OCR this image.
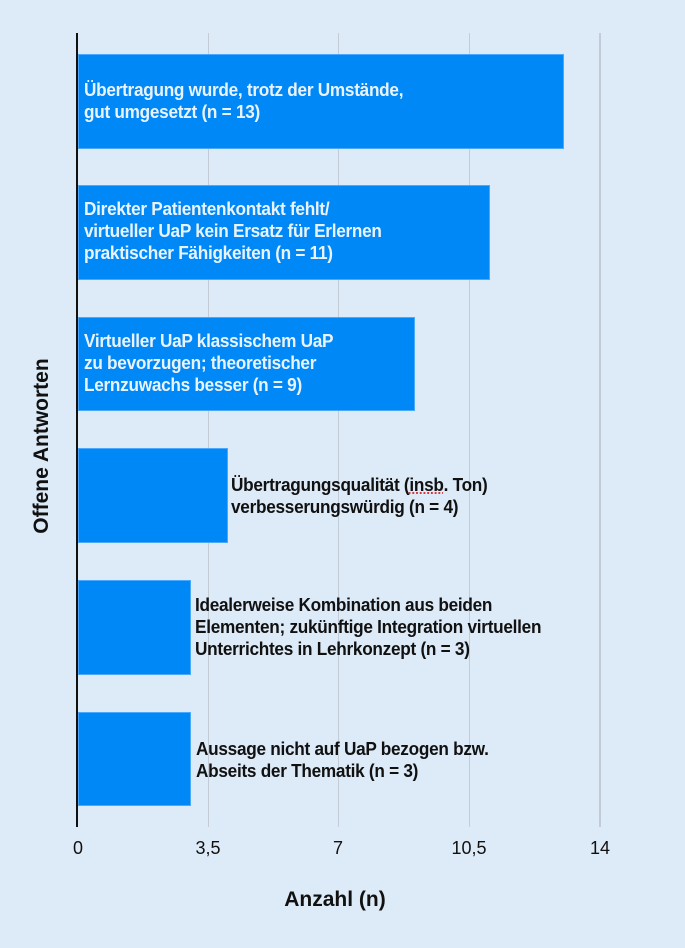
Übertragung wurde, trotz der Umstände,
gut umgesetzt (n = 13)
Direkter Patientenkontakt fehlt/
virtueller UaP kein Ersatz für Erlernen
praktischer Fähigkeiten (n = 11)
Virtueller UaP klassischem UaP
zu bevorzugen; theoretischer
Lernzuwachs besser (n = 9)
Übertragungsqualität (insb. Ton)
verbesserungswürdig (n = 4)
Idealerweise Kombination aus beiden
Elementen; zukünftige Integration virtuellen
Unterrichtes in Lehrkonzept (n = 3)
Aussage nicht auf UaP bezogen bzw.
Abseits der Thematik (n = 3)
0	3,5	7	10,5	14
Anzahl (n)
Offene Antworten
